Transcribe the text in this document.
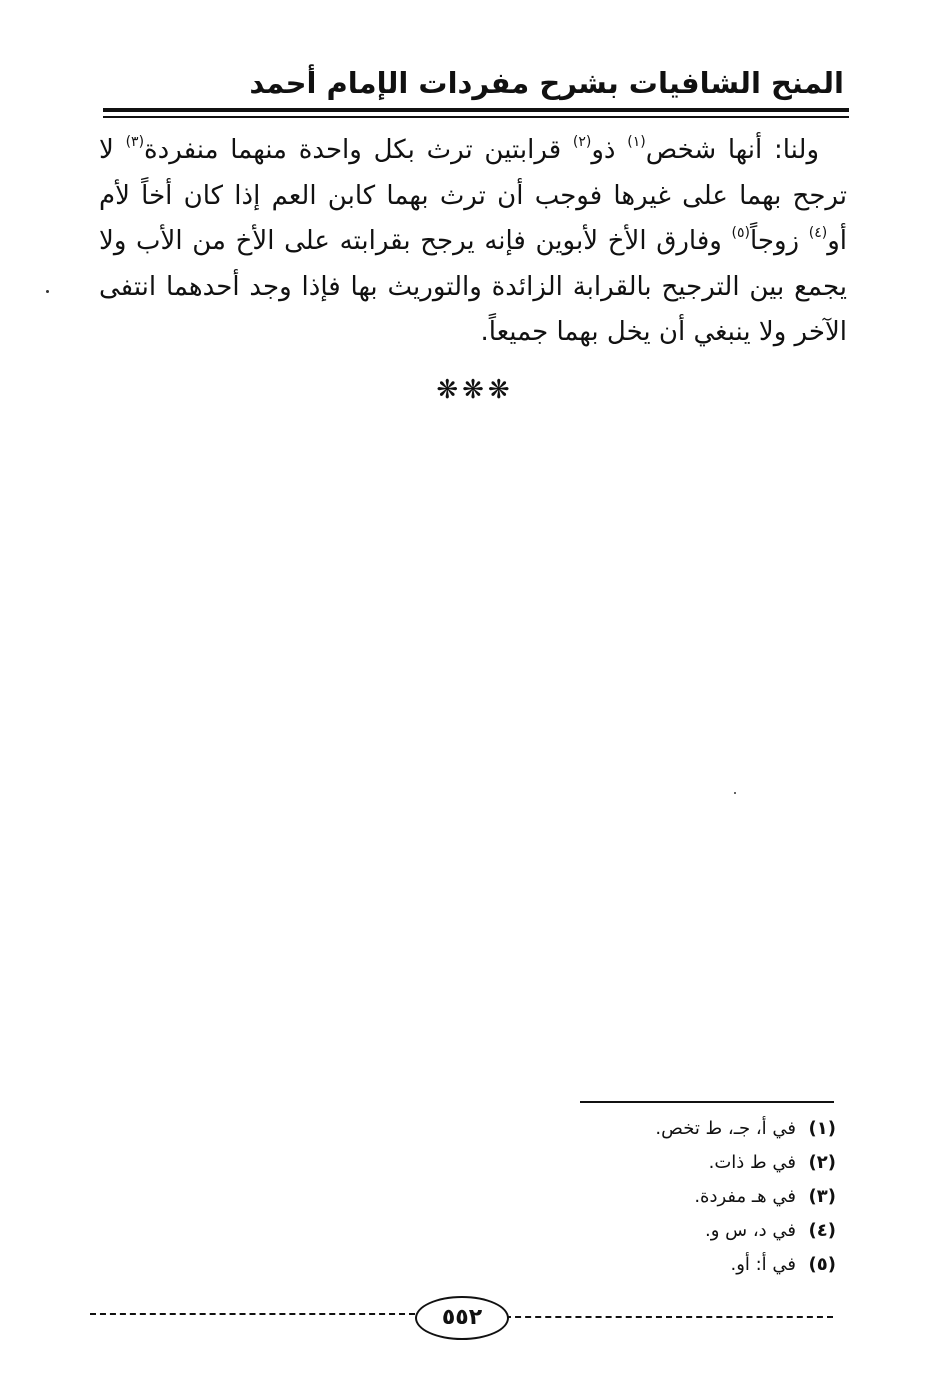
المنح الشافيات بشرح مفردات الإمام أحمد
ولنا: أنها شخص$^{(١)}$ ذو$^{(٢)}$ قرابتين ترث بكل واحدة منهما منفردة$^{(٣)}$ لا ترجح بهما على غيرها فوجب أن ترث بهما كابن العم إذا كان أخاً لأم أو$^{(٤)}$ زوجاً$^{(٥)}$ وفارق الأخ لأبوين فإنه يرجح بقرابته على الأخ من الأب ولا يجمع بين الترجيح بالقرابة الزائدة والتوريث بها فإذا وجد أحدهما انتفى الآخر ولا ينبغي أن يخل بهما جميعاً.
❋❋❋
(١)في أ، جـ، ط تخص.
(٢)في ط ذات.
(٣)في هـ مفردة.
(٤)في د، س و.
(٥)في أ: أو.
٥٥٢
